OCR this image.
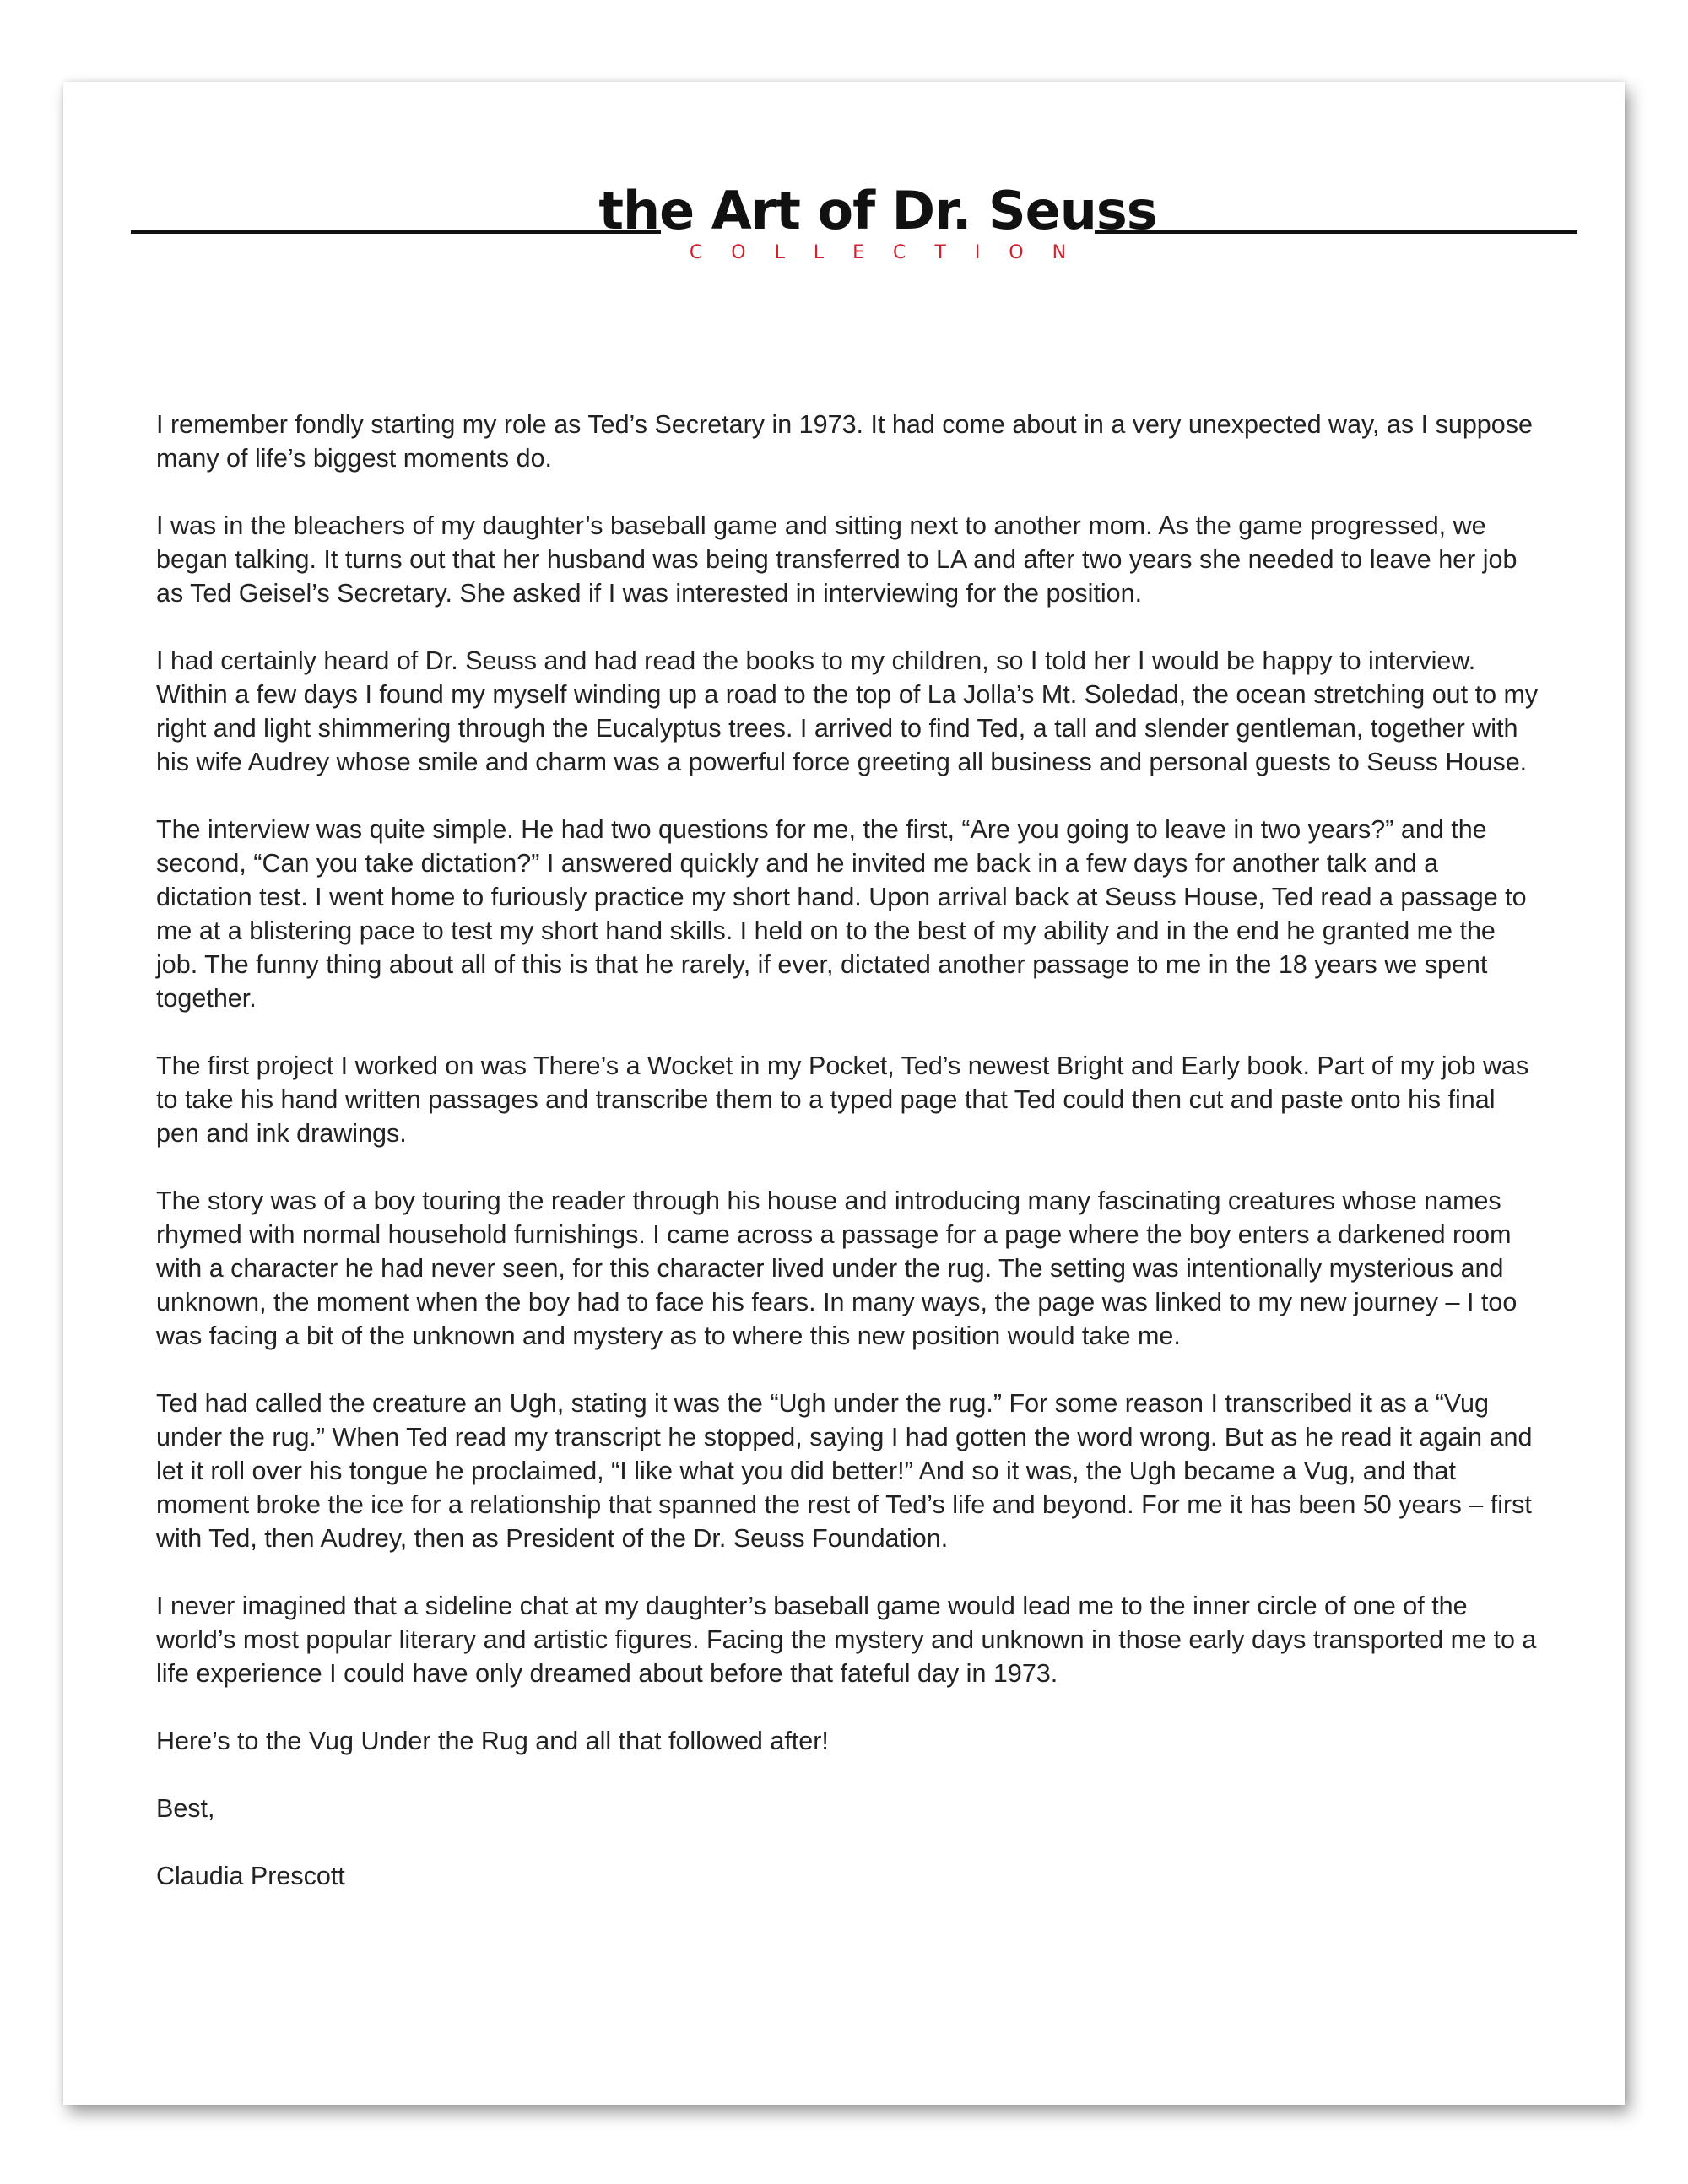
the Art of Dr. Seuss
COLLECTION

I remember fondly starting my role as Ted’s Secretary in 1973. It had come about in a very unexpected way, as I suppose many of life’s biggest moments do.

I was in the bleachers of my daughter’s baseball game and sitting next to another mom. As the game progressed, we began talking. It turns out that her husband was being transferred to LA and after two years she needed to leave her job as Ted Geisel’s Secretary. She asked if I was interested in interviewing for the position.

I had certainly heard of Dr. Seuss and had read the books to my children, so I told her I would be happy to interview. Within a few days I found my myself winding up a road to the top of La Jolla’s Mt. Soledad, the ocean stretching out to my right and light shimmering through the Eucalyptus trees. I arrived to find Ted, a tall and slender gentleman, together with his wife Audrey whose smile and charm was a powerful force greeting all business and personal guests to Seuss House.

The interview was quite simple. He had two questions for me, the first, “Are you going to leave in two years?” and the second, “Can you take dictation?” I answered quickly and he invited me back in a few days for another talk and a dictation test. I went home to furiously practice my short hand. Upon arrival back at Seuss House, Ted read a passage to me at a blistering pace to test my short hand skills. I held on to the best of my ability and in the end he granted me the job. The funny thing about all of this is that he rarely, if ever, dictated another passage to me in the 18 years we spent together.

The first project I worked on was There’s a Wocket in my Pocket, Ted’s newest Bright and Early book. Part of my job was to take his hand written passages and transcribe them to a typed page that Ted could then cut and paste onto his final pen and ink drawings.

The story was of a boy touring the reader through his house and introducing many fascinating creatures whose names rhymed with normal household furnishings. I came across a passage for a page where the boy enters a darkened room with a character he had never seen, for this character lived under the rug. The setting was intentionally mysterious and unknown, the moment when the boy had to face his fears. In many ways, the page was linked to my new journey – I too was facing a bit of the unknown and mystery as to where this new position would take me.

Ted had called the creature an Ugh, stating it was the “Ugh under the rug.” For some reason I transcribed it as a “Vug under the rug.” When Ted read my transcript he stopped, saying I had gotten the word wrong. But as he read it again and let it roll over his tongue he proclaimed, “I like what you did better!” And so it was, the Ugh became a Vug, and that moment broke the ice for a relationship that spanned the rest of Ted’s life and beyond. For me it has been 50 years – first with Ted, then Audrey, then as President of the Dr. Seuss Foundation.

I never imagined that a sideline chat at my daughter’s baseball game would lead me to the inner circle of one of the world’s most popular literary and artistic figures. Facing the mystery and unknown in those early days transported me to a life experience I could have only dreamed about before that fateful day in 1973.

Here’s to the Vug Under the Rug and all that followed after!

Best,

Claudia Prescott
